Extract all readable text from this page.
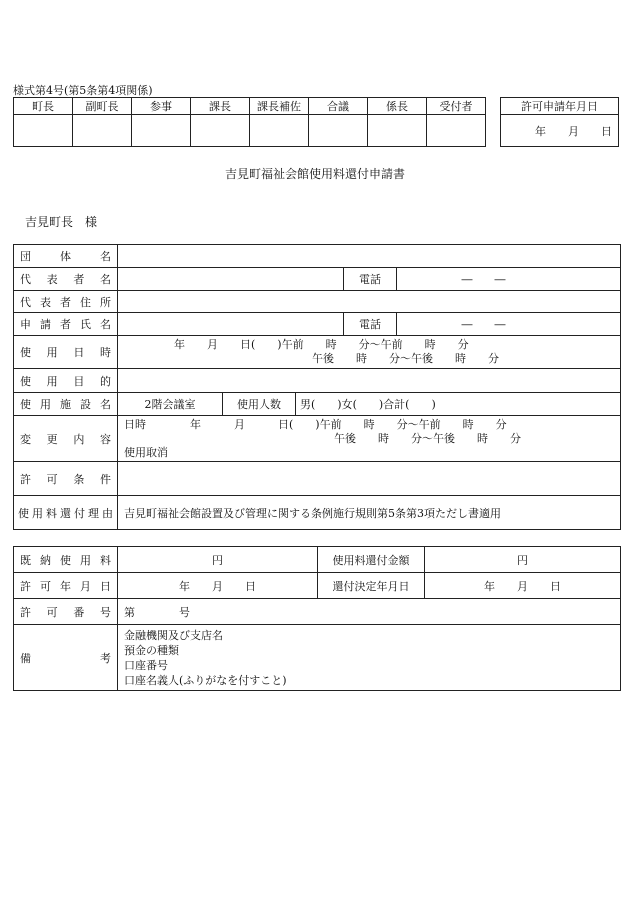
様式第4号(第5条第4項関係)
町長	副町長	参事	課長	課長補佐	合議	係長	受付者
								許可申請年月日
年　　月　　日
吉見町福祉会館使用料還付申請書
吉見町長　様
団体名			
代表者名		電話	―　　―
代表者住所			
申請者氏名		電話	―　　―
使用日時	年　　月　　日(　　)午前　　時　　分～午前　　時　　分
午後　　時　　分～午後　　時　　分		

使用目的			
使用施設名	2階会議室 使用人数 男(　　)女(　　)合計(　　)		

変更内容	日時　　　　年　　　月　　　日(　　)午前　　時　　分～午前　　時　　分
午後　　時　　分～午後　　時　　分
使用取消		

許可条件			
使用料還付理由	吉見町福祉会館設置及び管理に関する条例施行規則第5条第3項ただし書適用		
既納使用料	円	使用料還付金額	円
許可年月日	年　　月　　日	還付決定年月日	年　　月　　日
許可番号	第　　　　号		
備考	金融機関及び支店名
預金の種類
口座番号
口座名義人(ふりがなを付すこと)		
